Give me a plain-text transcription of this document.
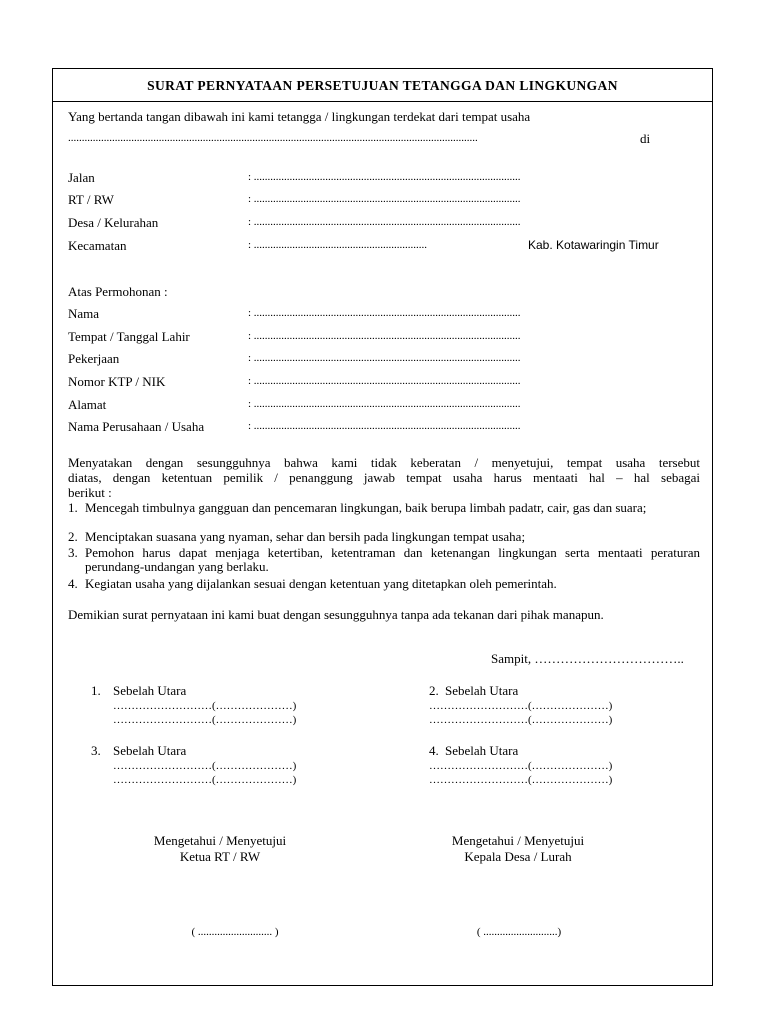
SURAT PERNYATAAN PERSETUJUAN TETANGGA DAN LINGKUNGAN
Yang bertanda tangan dibawah ini kami tetangga / lingkungan terdekat dari tempat usaha
.....................................................................................................................................................	di
Jalan	: .................................................................................................
RT / RW	: .................................................................................................
Desa / Kelurahan	: .................................................................................................
Kecamatan	: ...............................................................	Kab. Kotawaringin Timur
Atas Permohonan :
Nama	: .................................................................................................
Tempat / Tanggal Lahir	: .................................................................................................
Pekerjaan	: .................................................................................................
Nomor KTP / NIK	: .................................................................................................
Alamat	: .................................................................................................
Nama Perusahaan / Usaha	: .................................................................................................
Menyatakan dengan sesungguhnya bahwa kami tidak keberatan / menyetujui, tempat usaha tersebut
diatas, dengan ketentuan pemilik / penanggung jawab tempat usaha harus mentaati hal – hal sebagai
berikut :
1. Mencegah timbulnya gangguan dan pencemaran lingkungan, baik berupa limbah padatr, cair, gas dan suara;
2. Menciptakan suasana yang nyaman, sehar dan bersih pada lingkungan tempat usaha;
3. Pemohon harus dapat menjaga ketertiban, ketentraman dan ketenangan lingkungan serta mentaati peraturan perundang-undangan yang berlaku.
4. Kegiatan usaha yang dijalankan sesuai dengan ketentuan yang ditetapkan oleh pemerintah.
Demikian surat pernyataan ini kami buat dengan sesungguhnya tanpa ada tekanan dari pihak manapun.
Sampit, ……………………………..
1. Sebelah Utara
………………………(…………………)
………………………(…………………)
2. Sebelah Utara
………………………(…………………)
………………………(…………………)
3. Sebelah Utara
………………………(…………………)
………………………(…………………)
4. Sebelah Utara
………………………(…………………)
………………………(…………………)
Mengetahui / Menyetujui
Ketua RT / RW
( ........................... )
Mengetahui / Menyetujui
Kepala Desa / Lurah
( ...........................)
